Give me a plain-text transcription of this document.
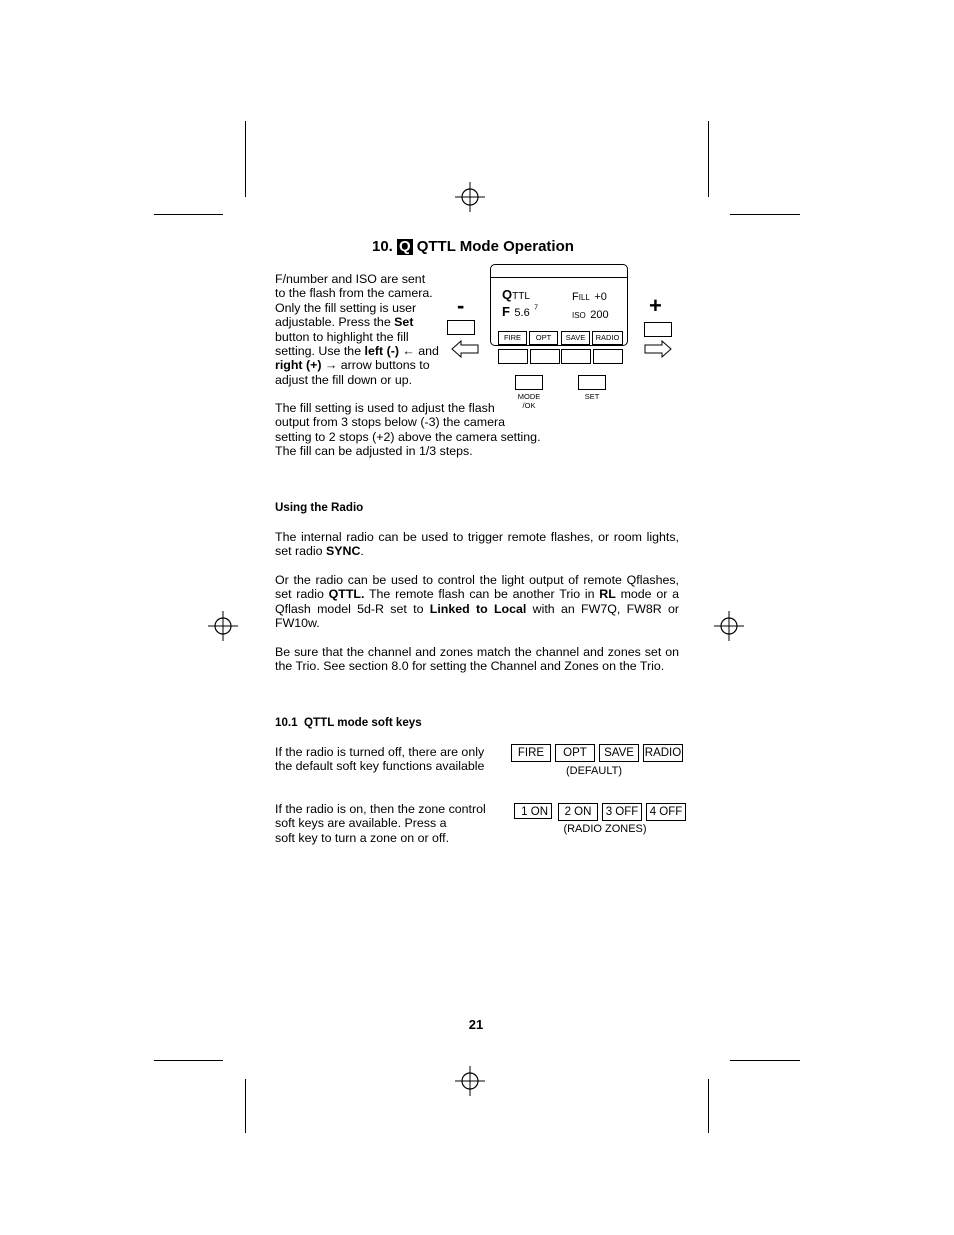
10. Q QTTL Mode Operation
F/number and ISO are sent
to the flash from the camera.
Only the fill setting is user
adjustable. Press the Set
button to highlight the fill
setting. Use the left (-) ← and
right (+) → arrow buttons to
adjust the fill down or up.
-	+
QTTL	FILL +0
F 5.6 $^7$
ISO 200
FIRE	OPT	SAVE	RADIO
MODE
/OK
SET
The fill setting is used to adjust the flash
output from 3 stops below (-3) the camera
setting to 2 stops (+2) above the camera setting.
The fill can be adjusted in 1/3 steps.
Using the Radio
The internal radio can be used to trigger remote flashes, or room lights,
set radio SYNC.
Or the radio can be used to control the light output of remote Qflashes,
set radio QTTL. The remote flash can be another Trio in RL mode or a
Qflash model 5d-R set to Linked to Local with an FW7Q, FW8R or
FW10w.
Be sure that the channel and zones match the channel and zones set on
the Trio. See section 8.0 for setting the Channel and Zones on the Trio.
10.1  QTTL mode soft keys
If the radio is turned off, there are only
the default soft key functions available
FIRE	OPT	SAVE RADIO
(DEFAULT)
If the radio is on, then the zone control
soft keys are available. Press a
soft key to turn a zone on or off.
1 ON	2 ON	3 OFF 4 OFF
(RADIO ZONES)
21
